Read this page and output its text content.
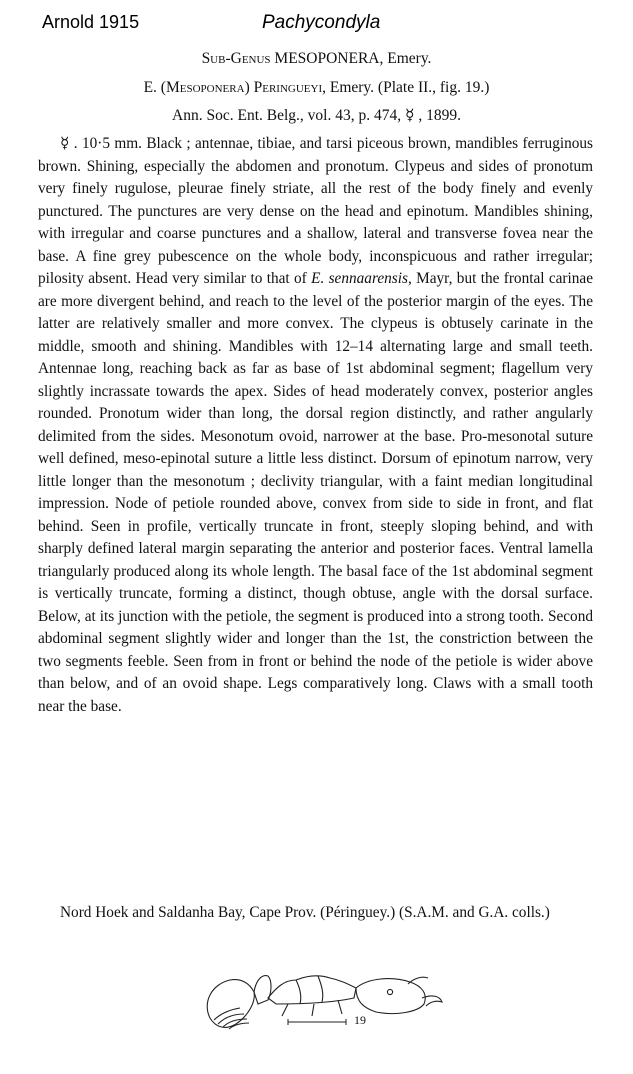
Arnold 1915	Pachycondyla
Sub-Genus MESOPONERA, Emery.
E. (Mesoponera) Peringueyi, Emery. (Plate II., fig. 19.)
Ann. Soc. Ent. Belg., vol. 43, p. 474, ☿ , 1899.

☿ . 10·5 mm. Black ; antennae, tibiae, and tarsi piceous brown, mandibles ferruginous brown. Shining, especially the abdomen and pronotum. Clypeus and sides of pronotum very finely rugulose, pleurae finely striate, all the rest of the body finely and evenly punctured. The punctures are very dense on the head and epinotum. Mandibles shining, with irregular and coarse punctures and a shallow, lateral and transverse fovea near the base. A fine grey pubescence on the whole body, inconspicuous and rather irregular; pilosity absent. Head very similar to that of E. sennaarensis, Mayr, but the frontal carinae are more divergent behind, and reach to the level of the posterior margin of the eyes. The latter are relatively smaller and more convex. The clypeus is obtusely carinate in the middle, smooth and shining. Mandibles with 12–14 alternating large and small teeth. Antennae long, reaching back as far as base of 1st abdominal segment; flagellum very slightly incrassate towards the apex. Sides of head moderately convex, posterior angles rounded. Pronotum wider than long, the dorsal region distinctly, and rather angularly delimited from the sides. Mesonotum ovoid, narrower at the base. Pro-mesonotal suture well defined, meso-epinotal suture a little less distinct. Dorsum of epinotum narrow, very little longer than the mesonotum ; declivity triangular, with a faint median longitudinal impression. Node of petiole rounded above, convex from side to side in front, and flat behind. Seen in profile, vertically truncate in front, steeply sloping behind, and with sharply defined lateral margin separating the anterior and posterior faces. Ventral lamella triangularly produced along its whole length. The basal face of the 1st abdominal segment is vertically truncate, forming a distinct, though obtuse, angle with the dorsal surface. Below, at its junction with the petiole, the segment is produced into a strong tooth. Second abdominal segment slightly wider and longer than the 1st, the constriction between the two segments feeble. Seen from in front or behind the node of the petiole is wider above than below, and of an ovoid shape. Legs comparatively long. Claws with a small tooth near the base.

Nord Hoek and Saldanha Bay, Cape Prov. (Péringuey.) (S.A.M. and G.A. colls.)

19
